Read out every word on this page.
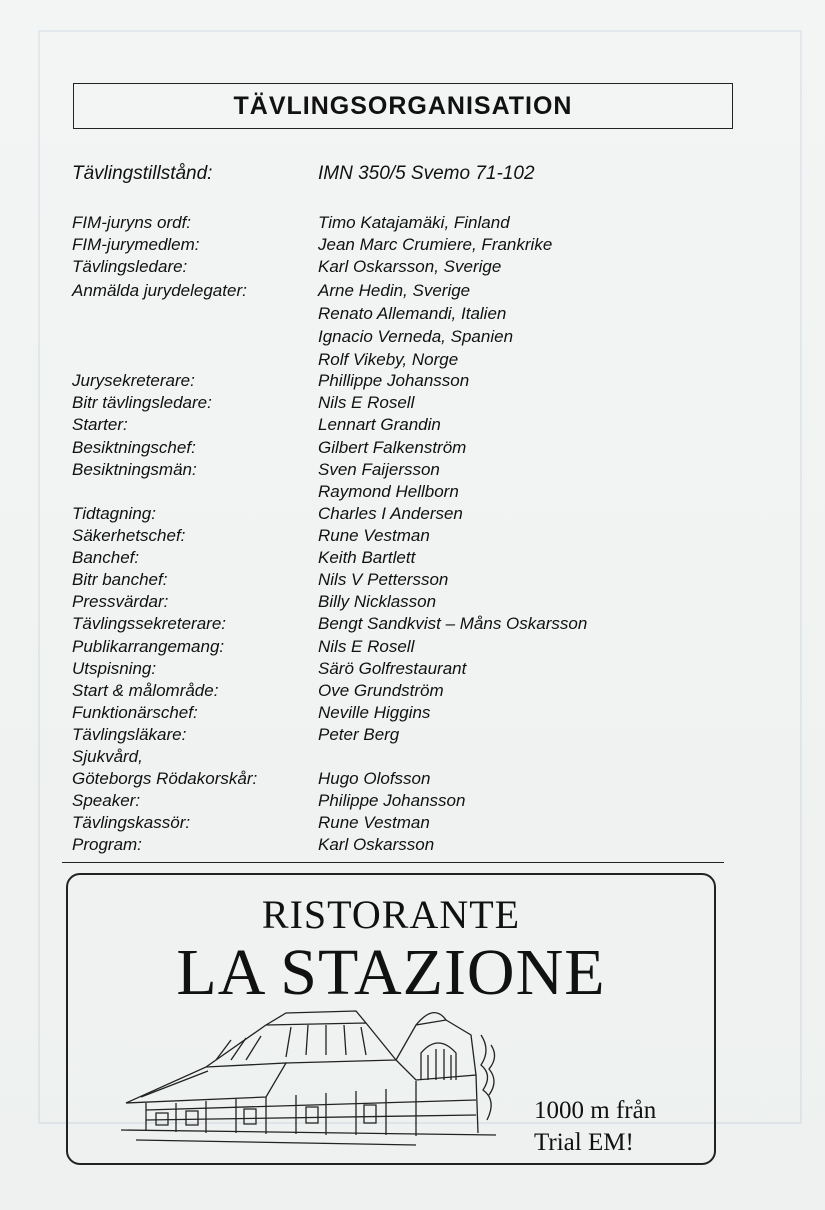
TÄVLINGSORGANISATION
Tävlingstillstånd:	IMN 350/5 Svemo 71-102
FIM-juryns ordf:	Timo Katajamäki, Finland
FIM-jurymedlem:	Jean Marc Crumiere, Frankrike
Tävlingsledare:	Karl Oskarsson, Sverige
Anmälda jurydelegater:	Arne Hedin, Sverige
Renato Allemandi, Italien
Ignacio Verneda, Spanien
Rolf Vikeby, Norge
Jurysekreterare:	Phillippe Johansson
Bitr tävlingsledare:	Nils E Rosell
Starter:	Lennart Grandin
Besiktningschef:	Gilbert Falkenström
Besiktningsmän:	Sven Faijersson
Raymond Hellborn
Tidtagning:	Charles I Andersen
Säkerhetschef:	Rune Vestman
Banchef:	Keith Bartlett
Bitr banchef:	Nils V Pettersson
Pressvärdar:	Billy Nicklasson
Tävlingssekreterare:	Bengt Sandkvist – Måns Oskarsson
Publikarrangemang:	Nils E Rosell
Utspisning:	Särö Golfrestaurant
Start & målområde:	Ove Grundström
Funktionärschef:	Neville Higgins
Tävlingsläkare:	Peter Berg
Sjukvård,
Göteborgs Rödakorskår:	Hugo Olofsson
Speaker:	Philippe Johansson
Tävlingskassör:	Rune Vestman
Program:	Karl Oskarsson
RISTORANTE
LA STAZIONE
1000 m från
Trial EM!
